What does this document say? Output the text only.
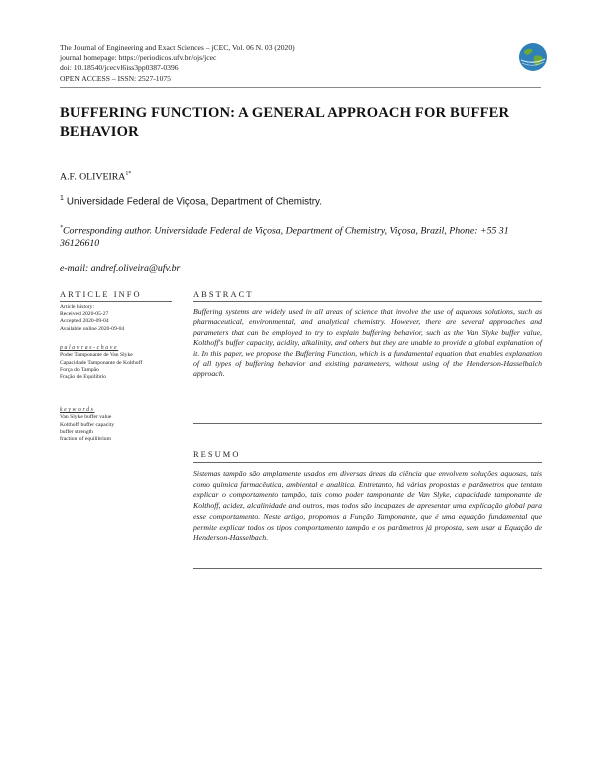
The Journal of Engineering and Exact Sciences – jCEC, Vol. 06 N. 03 (2020)
journal homepage: https://periodicos.ufv.br/ojs/jcec
doi: 10.18540/jcecvl6iss3pp0387-0396
OPEN ACCESS – ISSN: 2527-1075
BUFFERING FUNCTION: A GENERAL APPROACH FOR BUFFER BEHAVIOR
A.F. $OLIVEIRA^{1*}$
$^1$ Universidade Federal de Viçosa, Department of Chemistry.
*Corresponding author. Universidade Federal de Viçosa, Department of Chemistry, Viçosa, Brazil, Phone: +55 31 36126610
e-mail: andref.oliveira@ufv.br
ARTICLE INFO
Article history:
Received 2020-05-27
Accepted 2020-09-04
Available online 2020-09-04
palavras-chave
Poder Tamponante de Van Slyke
Capacidade Tamponante de Kolthoff
Força do Tampão
Fração de Equilíbrio
keywords
Van Slyke buffer value
Kolthoff buffer capacity
buffer strength
fraction of equilibrium
ABSTRACT
Buffering systems are widely used in all areas of science that involve the use of aqueous solutions, such as pharmaceutical, environmental, and analytical chemistry. However, there are several approaches and parameters that can be employed to try to explain buffering behavior, such as the Van Slyke buffer value, Kolthoff's buffer capacity, acidity, alkalinity, and others but they are unable to provide a global explanation of it. In this paper, we propose the Buffering Function, which is a fundamental equation that enables explanation of all types of buffering behavior and existing parameters, without using of the Henderson-Hasselbalch approach.
RESUMO
Sistemas tampão são amplamente usados em diversas áreas da ciência que envolvem soluções aquosas, tais como química farmacêutica, ambiental e analítica. Entretanto, há várias propostas e parâmetros que tentam explicar o comportamento tampão, tais como poder tamponante de Van Slyke, capacidade tamponante de Kolthoff, acidez, alcalinidade and outros, mas todos são incapazes de apresentar uma explicação global para esse comportamento. Neste artigo, propomos a Função Tamponante, que é uma equação fundamental que permite explicar todos os tipos comportamento tampão e os parâmetros já proposta, sem usar a Equação de Henderson-Hasselbach.
